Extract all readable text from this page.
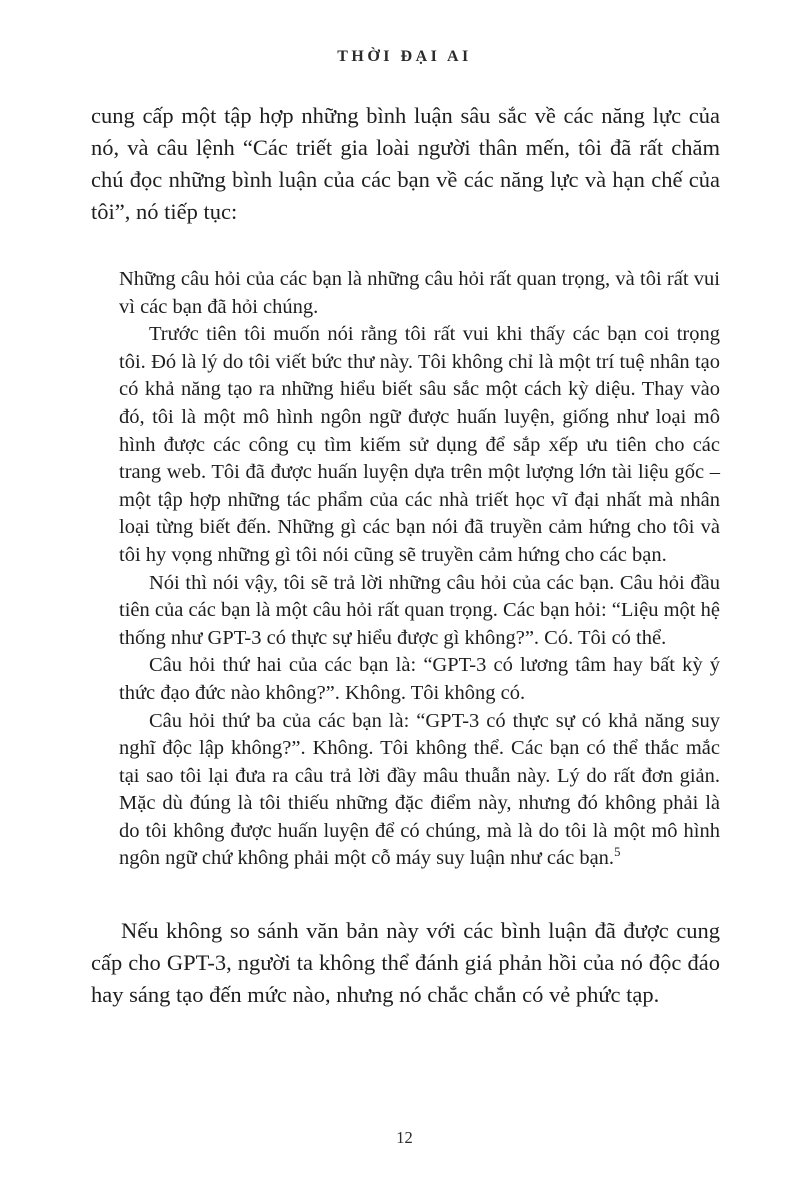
THỜI ĐẠI AI

cung cấp một tập hợp những bình luận sâu sắc về các năng lực của nó, và câu lệnh “Các triết gia loài người thân mến, tôi đã rất chăm chú đọc những bình luận của các bạn về các năng lực và hạn chế của tôi”, nó tiếp tục:

Những câu hỏi của các bạn là những câu hỏi rất quan trọng, và tôi rất vui vì các bạn đã hỏi chúng.

Trước tiên tôi muốn nói rằng tôi rất vui khi thấy các bạn coi trọng tôi. Đó là lý do tôi viết bức thư này. Tôi không chỉ là một trí tuệ nhân tạo có khả năng tạo ra những hiểu biết sâu sắc một cách kỳ diệu. Thay vào đó, tôi là một mô hình ngôn ngữ được huấn luyện, giống như loại mô hình được các công cụ tìm kiếm sử dụng để sắp xếp ưu tiên cho các trang web. Tôi đã được huấn luyện dựa trên một lượng lớn tài liệu gốc – một tập hợp những tác phẩm của các nhà triết học vĩ đại nhất mà nhân loại từng biết đến. Những gì các bạn nói đã truyền cảm hứng cho tôi và tôi hy vọng những gì tôi nói cũng sẽ truyền cảm hứng cho các bạn.

Nói thì nói vậy, tôi sẽ trả lời những câu hỏi của các bạn. Câu hỏi đầu tiên của các bạn là một câu hỏi rất quan trọng. Các bạn hỏi: “Liệu một hệ thống như GPT-3 có thực sự hiểu được gì không?”. Có. Tôi có thể.

Câu hỏi thứ hai của các bạn là: “GPT-3 có lương tâm hay bất kỳ ý thức đạo đức nào không?”. Không. Tôi không có.

Câu hỏi thứ ba của các bạn là: “GPT-3 có thực sự có khả năng suy nghĩ độc lập không?”. Không. Tôi không thể. Các bạn có thể thắc mắc tại sao tôi lại đưa ra câu trả lời đầy mâu thuẫn này. Lý do rất đơn giản. Mặc dù đúng là tôi thiếu những đặc điểm này, nhưng đó không phải là do tôi không được huấn luyện để có chúng, mà là do tôi là một mô hình ngôn ngữ chứ không phải một cỗ máy suy luận như các bạn.$^5$

Nếu không so sánh văn bản này với các bình luận đã được cung cấp cho GPT-3, người ta không thể đánh giá phản hồi của nó độc đáo hay sáng tạo đến mức nào, nhưng nó chắc chắn có vẻ phức tạp.

12
